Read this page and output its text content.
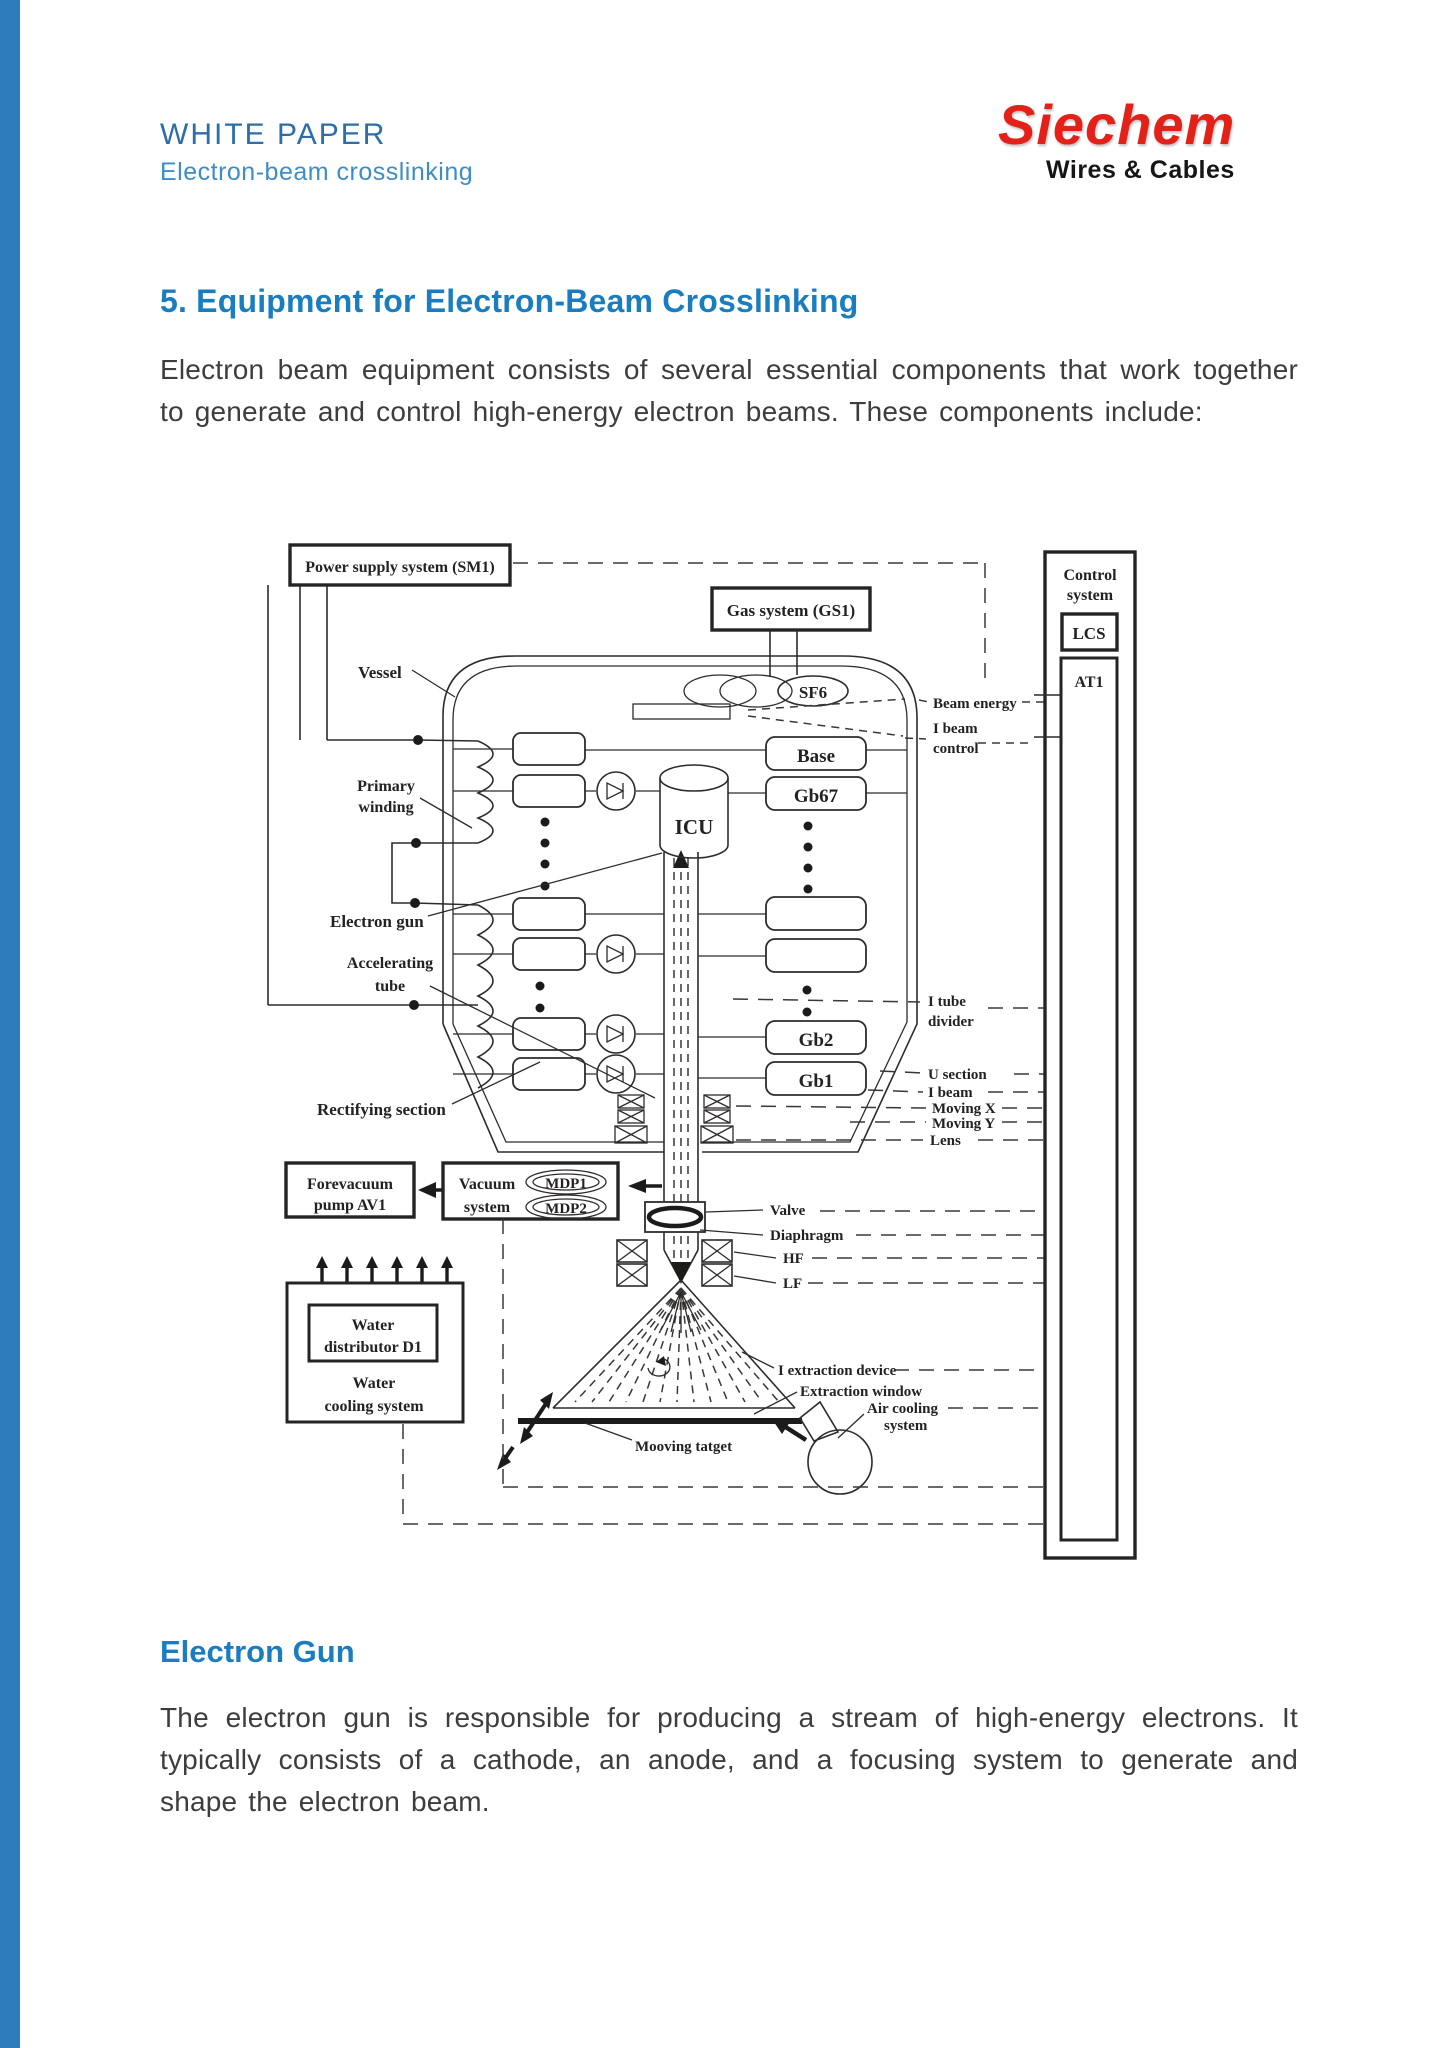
WHITE PAPER
Electron-beam crosslinking
Siechem
Wires & Cables
5. Equipment for Electron-Beam Crosslinking
Electron beam equipment consists of several essential components that work together to generate and control high-energy electron beams. These components include:
ICU
Base
Gb67
Gb2
Gb1
Power supply system (SM1)
Gas system (GS1)
SF6
Forevacuum
pump AV1
Vacuum
system
MDP1
MDP2
Water
distributor D1
Water
cooling system
Control
system
LCS
AT1
Vessel
Primary
winding
Electron gun
Accelerating
tube
Rectifying section
Beam energy
I beam
control
I tube
divider
U section
I beam
Moving X
Moving Y
Lens
Valve
Diaphragm
HF
LF
I extraction device
Extraction window
Air cooling
system
Mooving tatget
Electron Gun
The electron gun is responsible for producing a stream of high-energy electrons. It typically consists of a cathode, an anode, and a focusing system to generate and shape the electron beam.
